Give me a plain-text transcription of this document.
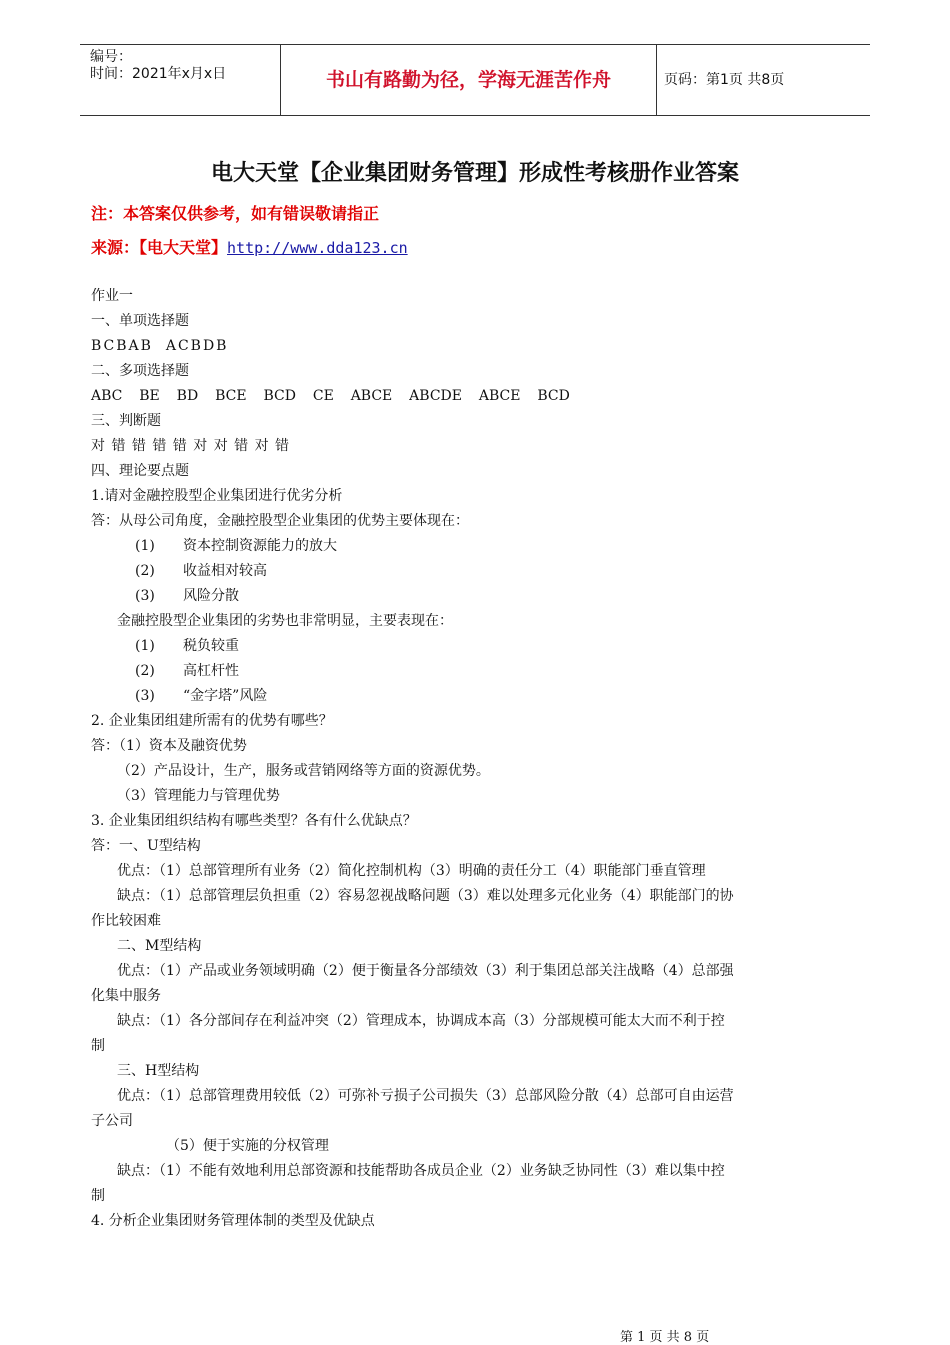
编号：
时间：2021年x月x日	书山有路勤为径，学海无涯苦作舟	页码：第1页 共8页
电大天堂【企业集团财务管理】形成性考核册作业答案
注：本答案仅供参考，如有错误敬请指正
来源：【电大天堂】http://www.dda123.cn

作业一

一、单项选择题

BCBAB  ACBDB

二、多项选择题

ABC  BE  BD  BCE  BCD  CE  ABCE  ABCDE  ABCE  BCD

三、判断题

对 错 错 错 错 对 对 错 对 错

四、理论要点题

1.请对金融控股型企业集团进行优劣分析

答：从母公司角度，金融控股型企业集团的优势主要体现在：

(1) 资本控制资源能力的放大

(2) 收益相对较高

(3) 风险分散

金融控股型企业集团的劣势也非常明显，主要表现在：

(1) 税负较重

(2) 高杠杆性

(3) “金字塔”风险

2. 企业集团组建所需有的优势有哪些？

答：（1）资本及融资优势

（2）产品设计，生产，服务或营销网络等方面的资源优势。

（3）管理能力与管理优势

3. 企业集团组织结构有哪些类型？各有什么优缺点？

答：一、U型结构

优点：（1）总部管理所有业务（2）简化控制机构（3）明确的责任分工（4）职能部门垂直管理

缺点：（1）总部管理层负担重（2）容易忽视战略问题（3）难以处理多元化业务（4）职能部门的协

作比较困难

二、M型结构

优点：（1）产品或业务领域明确（2）便于衡量各分部绩效（3）利于集团总部关注战略（4）总部强

化集中服务

缺点：（1）各分部间存在利益冲突（2）管理成本，协调成本高（3）分部规模可能太大而不利于控

制

三、H型结构

优点：（1）总部管理费用较低（2）可弥补亏损子公司损失（3）总部风险分散（4）总部可自由运营

子公司

（5）便于实施的分权管理

缺点：（1）不能有效地利用总部资源和技能帮助各成员企业（2）业务缺乏协同性（3）难以集中控

制

4. 分析企业集团财务管理体制的类型及优缺点

第 1 页 共 8 页
